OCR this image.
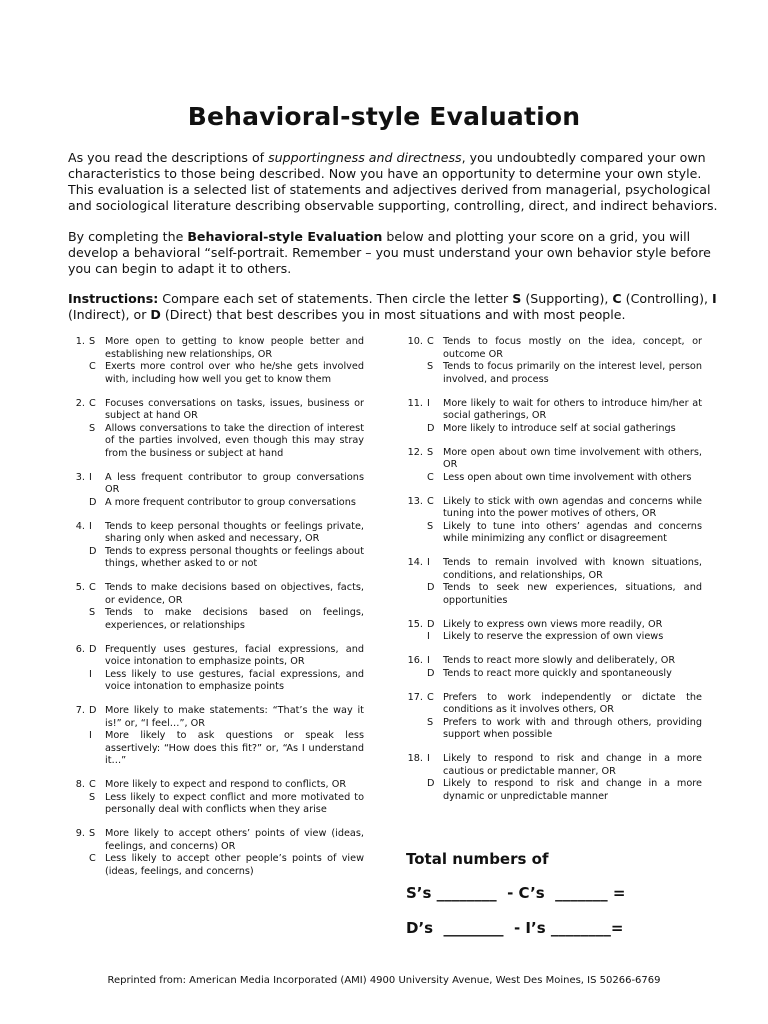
Behavioral-style Evaluation

As you read the descriptions of supportingness and directness, you undoubtedly compared your own characteristics to those being described. Now you have an opportunity to determine your own style. This evaluation is a selected list of statements and adjectives derived from managerial, psychological and sociological literature describing observable supporting, controlling, direct, and indirect behaviors.

By completing the Behavioral-style Evaluation below and plotting your score on a grid, you will develop a behavioral “self-portrait. Remember – you must understand your own behavior style before you can begin to adapt it to others.

Instructions: Compare each set of statements. Then circle the letter S (Supporting), C (Controlling), I (Indirect), or D (Direct) that best describes you in most situations and with most people.

1. S	More open to getting to know people better and establishing new relationships, OR
C Exerts more control over who he/she gets involved with, including how well you get to know them
2. C Focuses conversations on tasks, issues, business or subject at hand OR
S	Allows conversations to take the direction of interest of the parties involved, even though this may stray from the business or subject at hand
3. I	A less frequent contributor to group conversations OR
D A more frequent contributor to group conversations
4. I	Tends to keep personal thoughts or feelings private, sharing only when asked and necessary, OR
D Tends to express personal thoughts or feelings about things, whether asked to or not
5. C Tends to make decisions based on objectives, facts, or evidence, OR
S	Tends to make decisions based on feelings, experiences, or relationships
6. D Frequently uses gestures, facial expressions, and voice intonation to emphasize points, OR
I	Less likely to use gestures, facial expressions, and voice intonation to emphasize points
7. D More likely to make statements: “That’s the way it is!” or, “I feel…”, OR
I	More likely to ask questions or speak less assertively: “How does this fit?” or, “As I understand it…”
8. C More likely to expect and respond to conflicts, OR
S	Less likely to expect conflict and more motivated to personally deal with conflicts when they arise
9. S	More likely to accept others’ points of view (ideas, feelings, and concerns) OR
C Less likely to accept other people’s points of view (ideas, feelings, and concerns)
10. C Tends to focus mostly on the idea, concept, or outcome OR
S	Tends to focus primarily on the interest level, person involved, and process
11. I	More likely to wait for others to introduce him/her at social gatherings, OR
D More likely to introduce self at social gatherings
12. S	More open about own time involvement with others, OR
C Less open about own time involvement with others
13. C Likely to stick with own agendas and concerns while tuning into the power motives of others, OR
S	Likely to tune into others’ agendas and concerns while minimizing any conflict or disagreement
14. I	Tends to remain involved with known situations, conditions, and relationships, OR
D Tends to seek new experiences, situations, and opportunities
15. D Likely to express own views more readily, OR
I	Likely to reserve the expression of own views
16. I	Tends to react more slowly and deliberately, OR
D Tends to react more quickly and spontaneously
17. C Prefers to work independently or dictate the conditions as it involves others, OR
S	Prefers to work with and through others, providing support when possible
18. I	Likely to respond to risk and change in a more cautious or predictable manner, OR
D Likely to respond to risk and change in a more dynamic or unpredictable manner
Total numbers of
S’s ________  - C’s  _______ =
D’s  ________  - I’s ________=
Reprinted from: American Media Incorporated (AMI) 4900 University Avenue, West Des Moines, IS 50266-6769
